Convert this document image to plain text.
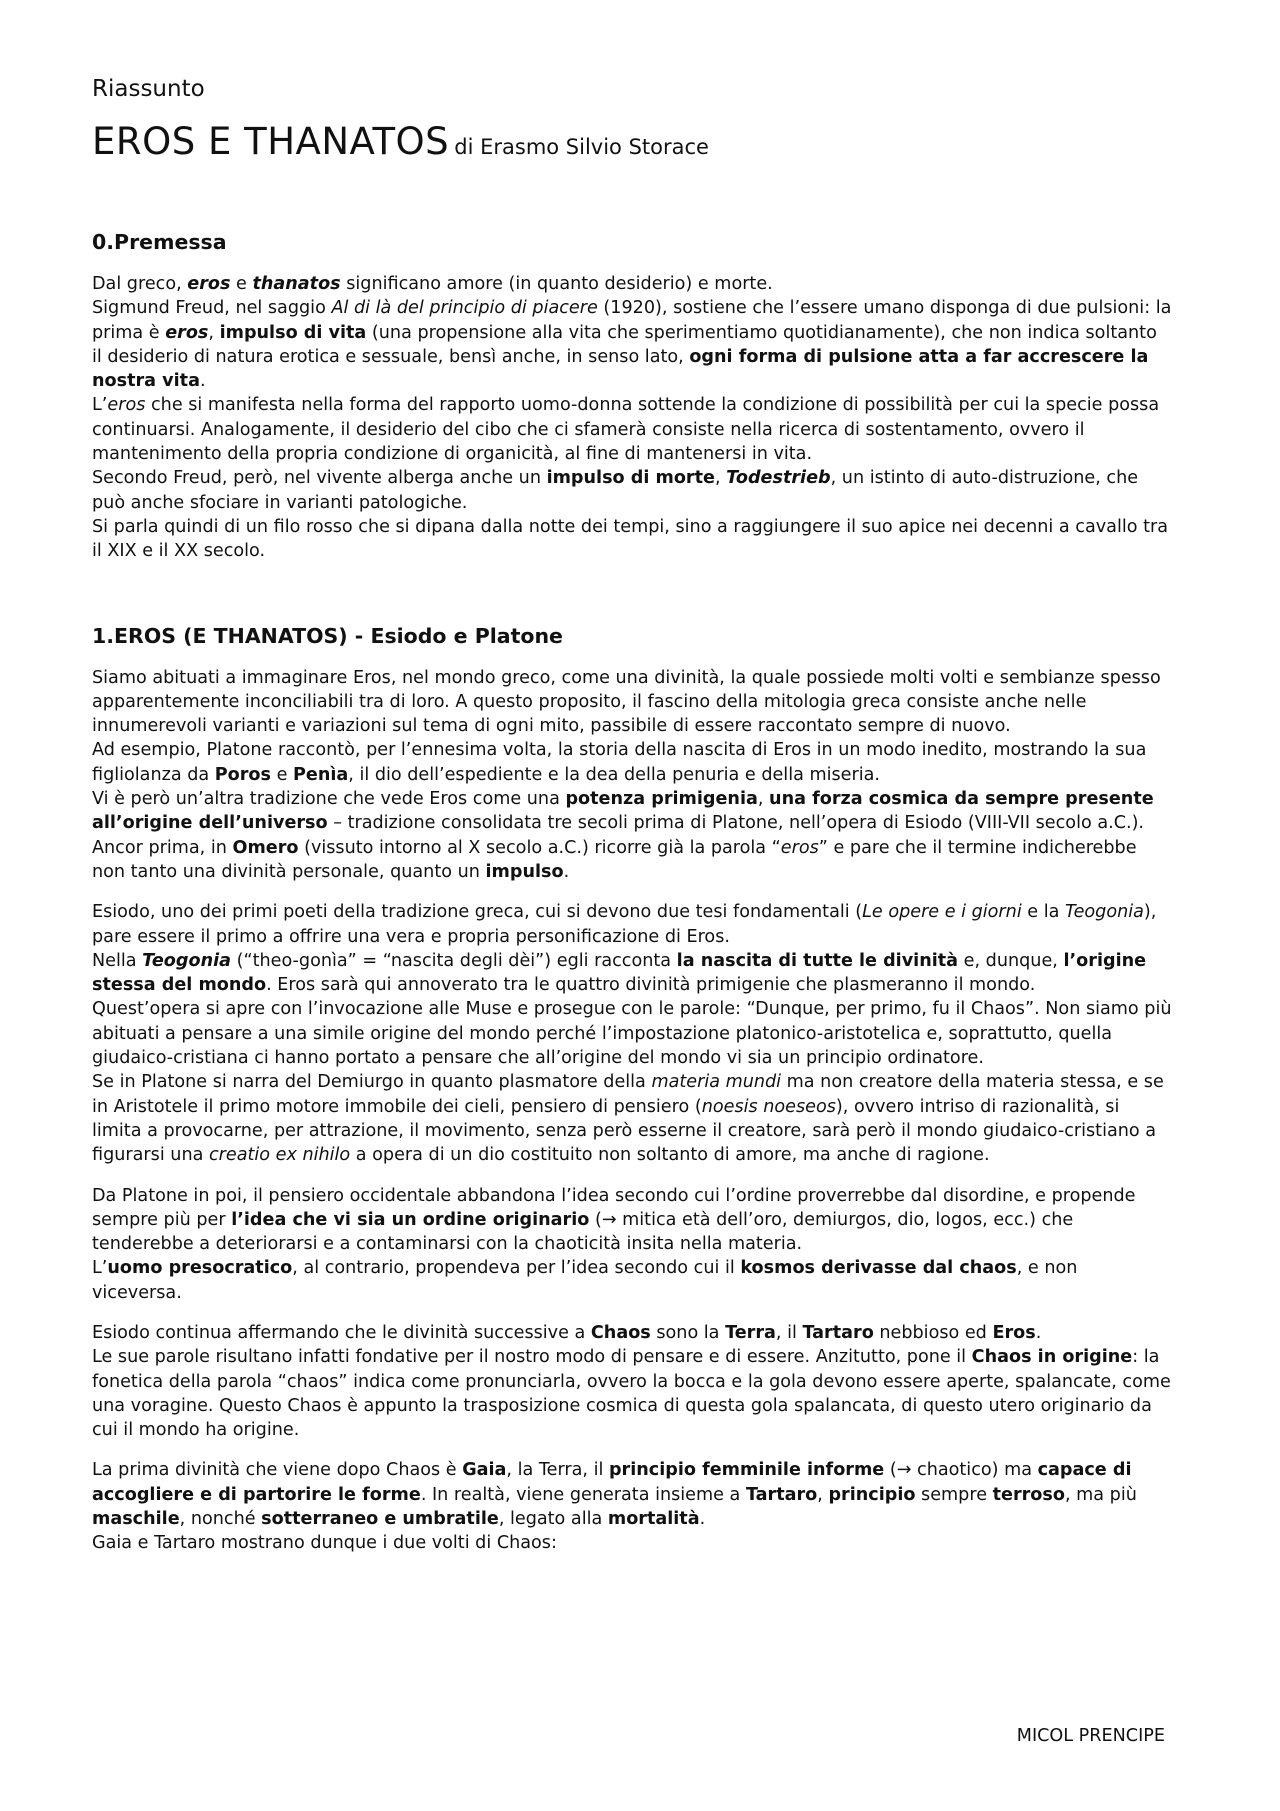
Riassunto

EROS E THANATOS di Erasmo Silvio Storace

0.Premessa

Dal greco, eros e thanatos significano amore (in quanto desiderio) e morte.

Sigmund Freud, nel saggio Al di là del principio di piacere (1920), sostiene che l’essere umano disponga di due pulsioni: la prima è eros, impulso di vita (una propensione alla vita che sperimentiamo quotidianamente), che non indica soltanto il desiderio di natura erotica e sessuale, bensì anche, in senso lato, ogni forma di pulsione atta a far accrescere la nostra vita.

L’eros che si manifesta nella forma del rapporto uomo-donna sottende la condizione di possibilità per cui la specie possa continuarsi. Analogamente, il desiderio del cibo che ci sfamerà consiste nella ricerca di sostentamento, ovvero il mantenimento della propria condizione di organicità, al fine di mantenersi in vita.

Secondo Freud, però, nel vivente alberga anche un impulso di morte, Todestrieb, un istinto di auto-distruzione, che può anche sfociare in varianti patologiche.

Si parla quindi di un filo rosso che si dipana dalla notte dei tempi, sino a raggiungere il suo apice nei decenni a cavallo tra il XIX e il XX secolo.

1.EROS (E THANATOS) - Esiodo e Platone

Siamo abituati a immaginare Eros, nel mondo greco, come una divinità, la quale possiede molti volti e sembianze spesso apparentemente inconciliabili tra di loro. A questo proposito, il fascino della mitologia greca consiste anche nelle innumerevoli varianti e variazioni sul tema di ogni mito, passibile di essere raccontato sempre di nuovo.

Ad esempio, Platone raccontò, per l’ennesima volta, la storia della nascita di Eros in un modo inedito, mostrando la sua figliolanza da Poros e Penìa, il dio dell’espediente e la dea della penuria e della miseria.

Vi è però un’altra tradizione che vede Eros come una potenza primigenia, una forza cosmica da sempre presente all’origine dell’universo – tradizione consolidata tre secoli prima di Platone, nell’opera di Esiodo (VIII-VII secolo a.C.).

Ancor prima, in Omero (vissuto intorno al X secolo a.C.) ricorre già la parola “eros” e pare che il termine indicherebbe non tanto una divinità personale, quanto un impulso.

Esiodo, uno dei primi poeti della tradizione greca, cui si devono due tesi fondamentali (Le opere e i giorni e la Teogonia), pare essere il primo a offrire una vera e propria personificazione di Eros.

Nella Teogonia (“theo-gonìa” = “nascita degli dèi”) egli racconta la nascita di tutte le divinità e, dunque, l’origine stessa del mondo. Eros sarà qui annoverato tra le quattro divinità primigenie che plasmeranno il mondo.

Quest’opera si apre con l’invocazione alle Muse e prosegue con le parole: “Dunque, per primo, fu il Chaos”. Non siamo più abituati a pensare a una simile origine del mondo perché l’impostazione platonico-aristotelica e, soprattutto, quella giudaico-cristiana ci hanno portato a pensare che all’origine del mondo vi sia un principio ordinatore.

Se in Platone si narra del Demiurgo in quanto plasmatore della materia mundi ma non creatore della materia stessa, e se in Aristotele il primo motore immobile dei cieli, pensiero di pensiero (noesis noeseos), ovvero intriso di razionalità, si limita a provocarne, per attrazione, il movimento, senza però esserne il creatore, sarà però il mondo giudaico-cristiano a figurarsi una creatio ex nihilo a opera di un dio costituito non soltanto di amore, ma anche di ragione.

Da Platone in poi, il pensiero occidentale abbandona l’idea secondo cui l’ordine proverrebbe dal disordine, e propende sempre più per l’idea che vi sia un ordine originario (→ mitica età dell’oro, demiurgos, dio, logos, ecc.) che tenderebbe a deteriorarsi e a contaminarsi con la chaoticità insita nella materia.

L’uomo presocratico, al contrario, propendeva per l’idea secondo cui il kosmos derivasse dal chaos, e non viceversa.

Esiodo continua affermando che le divinità successive a Chaos sono la Terra, il Tartaro nebbioso ed Eros.

Le sue parole risultano infatti fondative per il nostro modo di pensare e di essere. Anzitutto, pone il Chaos in origine: la fonetica della parola “chaos” indica come pronunciarla, ovvero la bocca e la gola devono essere aperte, spalancate, come una voragine. Questo Chaos è appunto la trasposizione cosmica di questa gola spalancata, di questo utero originario da cui il mondo ha origine.

La prima divinità che viene dopo Chaos è Gaia, la Terra, il principio femminile informe (→ chaotico) ma capace di accogliere e di partorire le forme. In realtà, viene generata insieme a Tartaro, principio sempre terroso, ma più maschile, nonché sotterraneo e umbratile, legato alla mortalità.

Gaia e Tartaro mostrano dunque i due volti di Chaos:

MICOL PRENCIPE
